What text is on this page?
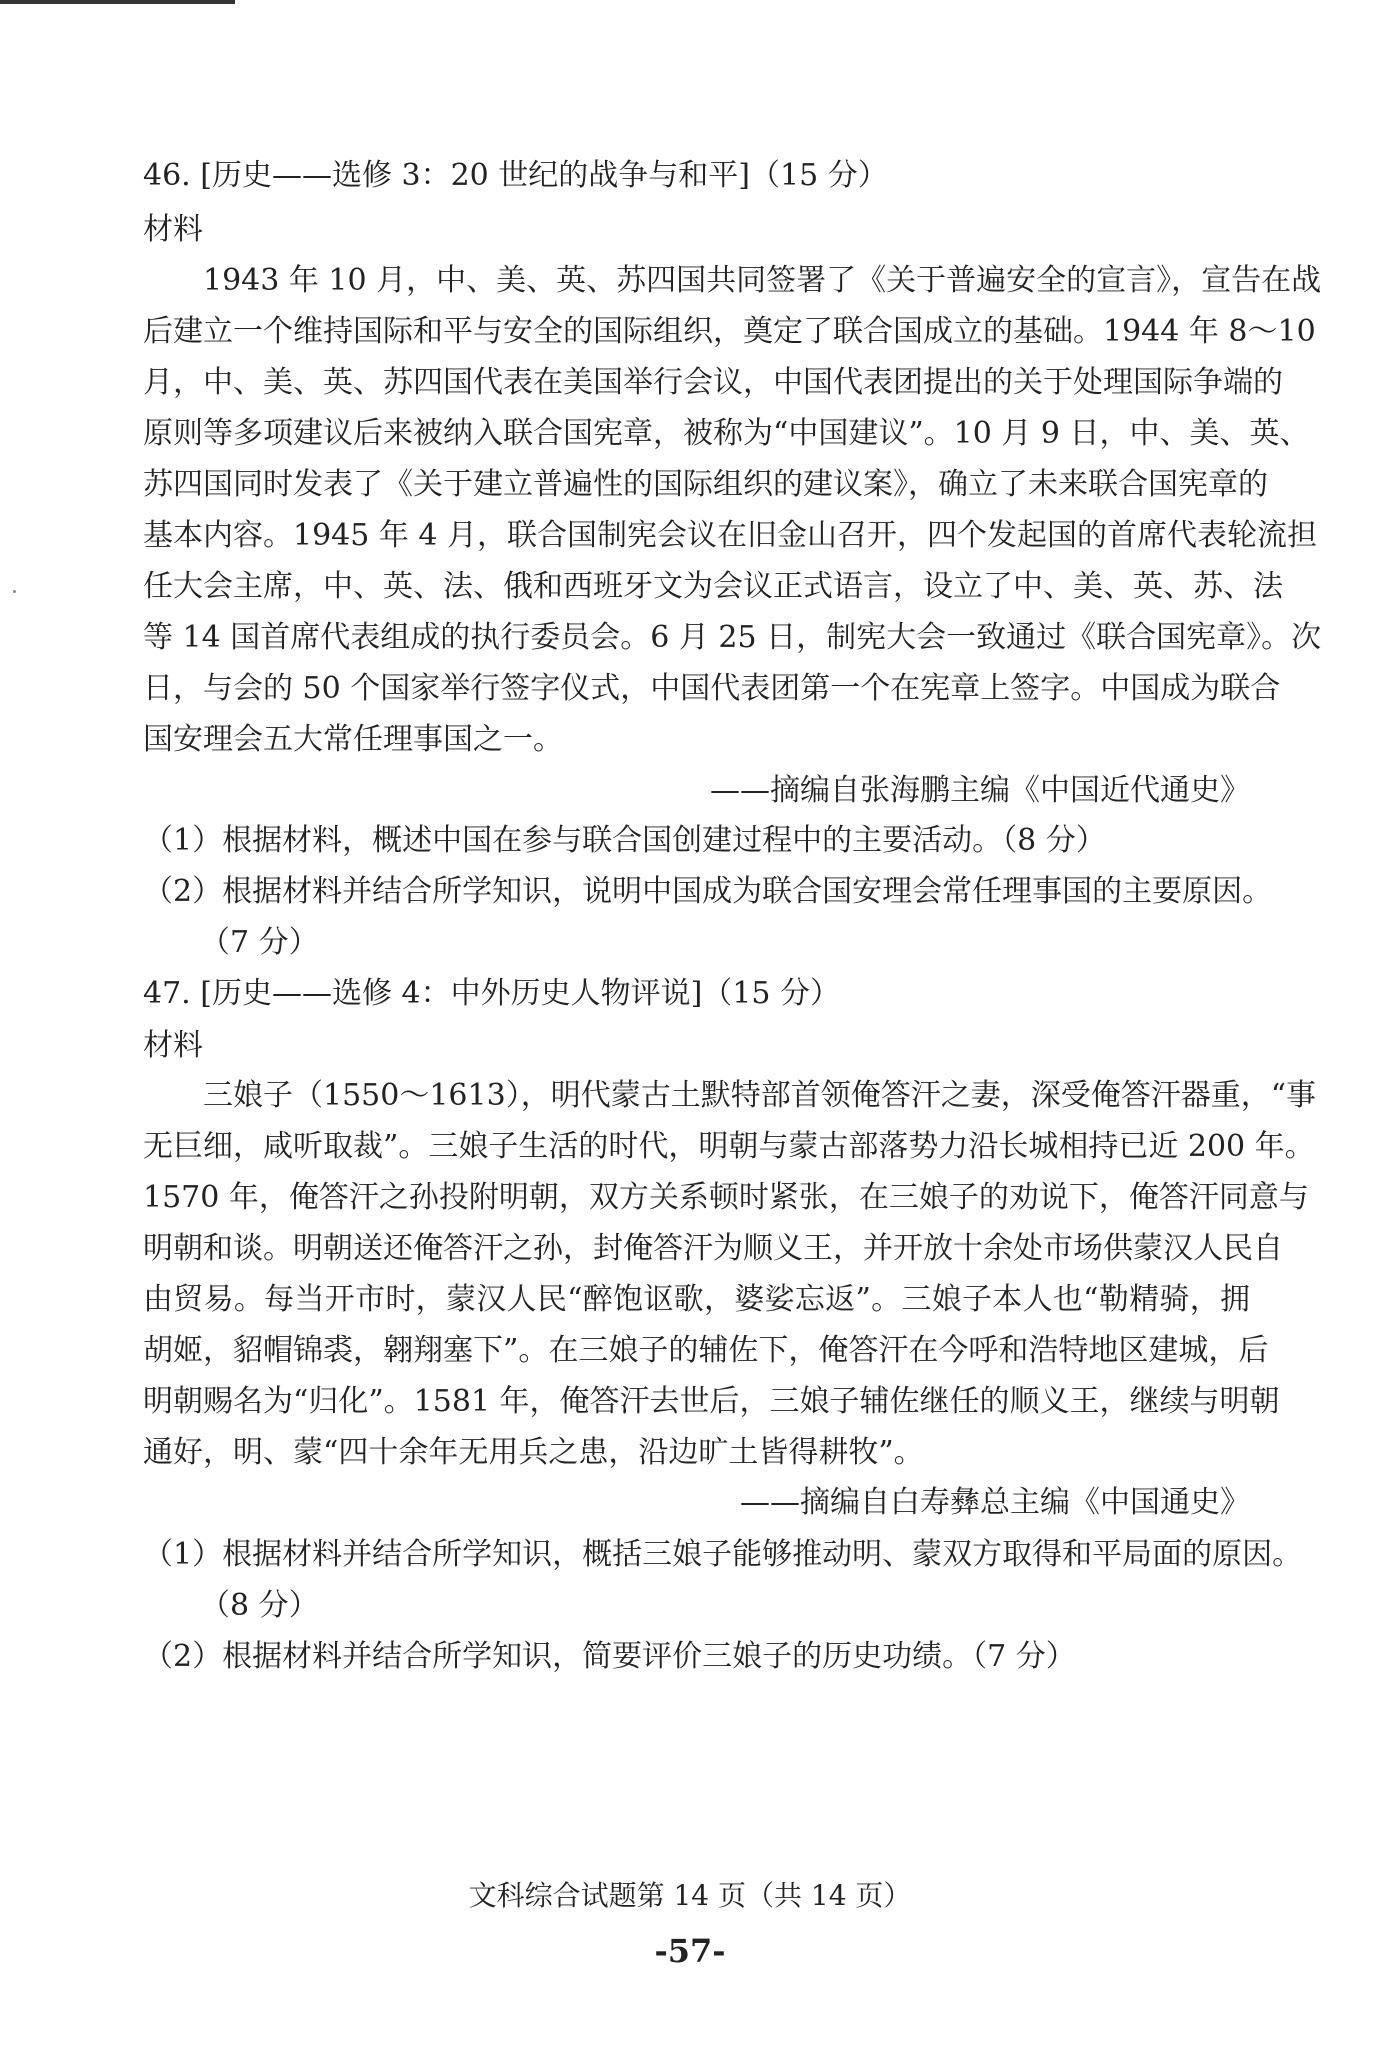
46. [历史——选修 3：20 世纪的战争与和平]（15 分）
材料
1943 年 10 月，中、美、英、苏四国共同签署了《关于普遍安全的宣言》，宣告在战
后建立一个维持国际和平与安全的国际组织，奠定了联合国成立的基础。1944 年 8～10
月，中、美、英、苏四国代表在美国举行会议，中国代表团提出的关于处理国际争端的
原则等多项建议后来被纳入联合国宪章，被称为“中国建议”。10 月 9 日，中、美、英、
苏四国同时发表了《关于建立普遍性的国际组织的建议案》，确立了未来联合国宪章的
基本内容。1945 年 4 月，联合国制宪会议在旧金山召开，四个发起国的首席代表轮流担
任大会主席，中、英、法、俄和西班牙文为会议正式语言，设立了中、美、英、苏、法
等 14 国首席代表组成的执行委员会。6 月 25 日，制宪大会一致通过《联合国宪章》。次
日，与会的 50 个国家举行签字仪式，中国代表团第一个在宪章上签字。中国成为联合
国安理会五大常任理事国之一。
——摘编自张海鹏主编《中国近代通史》
（1）根据材料，概述中国在参与联合国创建过程中的主要活动。（8 分）
（2）根据材料并结合所学知识，说明中国成为联合国安理会常任理事国的主要原因。
（7 分）
47. [历史——选修 4：中外历史人物评说]（15 分）
材料
三娘子（1550～1613），明代蒙古土默特部首领俺答汗之妻，深受俺答汗器重，“事
无巨细，咸听取裁”。三娘子生活的时代，明朝与蒙古部落势力沿长城相持已近 200 年。
1570 年，俺答汗之孙投附明朝，双方关系顿时紧张，在三娘子的劝说下，俺答汗同意与
明朝和谈。明朝送还俺答汗之孙，封俺答汗为顺义王，并开放十余处市场供蒙汉人民自
由贸易。每当开市时，蒙汉人民“醉饱讴歌，婆娑忘返”。三娘子本人也“勒精骑，拥
胡姬，貂帽锦裘，翱翔塞下”。在三娘子的辅佐下，俺答汗在今呼和浩特地区建城，后
明朝赐名为“归化”。1581 年，俺答汗去世后，三娘子辅佐继任的顺义王，继续与明朝
通好，明、蒙“四十余年无用兵之患，沿边旷土皆得耕牧”。
——摘编自白寿彝总主编《中国通史》
（1）根据材料并结合所学知识，概括三娘子能够推动明、蒙双方取得和平局面的原因。
（8 分）
（2）根据材料并结合所学知识，简要评价三娘子的历史功绩。（7 分）
文科综合试题第 14 页（共 14 页）
-57-
